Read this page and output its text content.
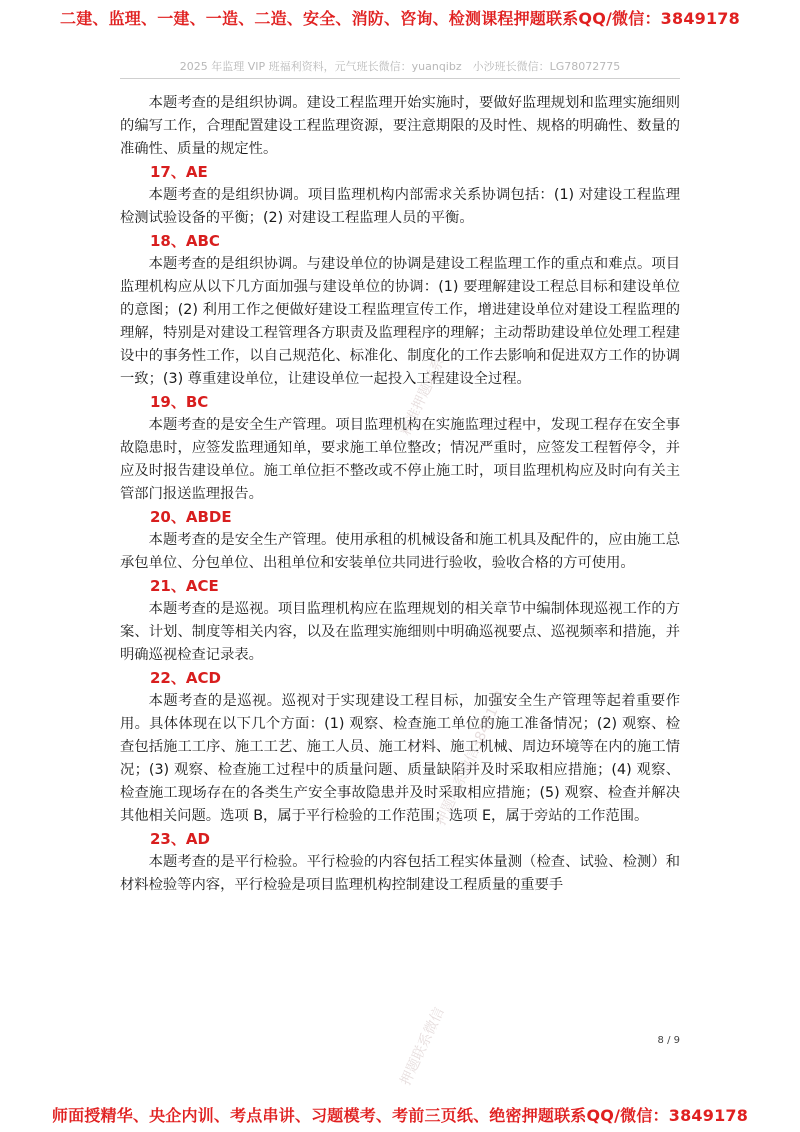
二建、监理、一建、一造、二造、安全、消防、咨询、检测课程押题联系QQ/微信：3849178
2025 年监理 VIP 班福利资料，元气班长微信：yuanqibz　小沙班长微信：LG78072775

本题考查的是组织协调。建设工程监理开始实施时，要做好监理规划和监理实施细则的编写工作，合理配置建设工程监理资源，要注意期限的及时性、规格的明确性、数量的准确性、质量的规定性。

17、AE

本题考查的是组织协调。项目监理机构内部需求关系协调包括：(1) 对建设工程监理检测试验设备的平衡；(2) 对建设工程监理人员的平衡。

18、ABC

本题考查的是组织协调。与建设单位的协调是建设工程监理工作的重点和难点。项目监理机构应从以下几方面加强与建设单位的协调：(1) 要理解建设工程总目标和建设单位的意图；(2) 利用工作之便做好建设工程监理宣传工作，增进建设单位对建设工程监理的理解，特别是对建设工程管理各方职责及监理程序的理解；主动帮助建设单位处理工程建设中的事务性工作，以自己规范化、标准化、制度化的工作去影响和促进双方工作的协调一致；(3) 尊重建设单位，让建设单位一起投入工程建设全过程。

19、BC

本题考查的是安全生产管理。项目监理机构在实施监理过程中，发现工程存在安全事故隐患时，应签发监理通知单，要求施工单位整改；情况严重时，应签发工程暂停令，并应及时报告建设单位。施工单位拒不整改或不停止施工时，项目监理机构应及时向有关主管部门报送监理报告。

20、ABDE

本题考查的是安全生产管理。使用承租的机械设备和施工机具及配件的，应由施工总承包单位、分包单位、出租单位和安装单位共同进行验收，验收合格的方可使用。

21、ACE

本题考查的是巡视。项目监理机构应在监理规划的相关章节中编制体现巡视工作的方案、计划、制度等相关内容，以及在监理实施细则中明确巡视要点、巡视频率和措施，并明确巡视检查记录表。

22、ACD

本题考查的是巡视。巡视对于实现建设工程目标，加强安全生产管理等起着重要作用。具体体现在以下几个方面：(1) 观察、检查施工单位的施工准备情况；(2) 观察、检查包括施工工序、施工工艺、施工人员、施工材料、施工机械、周边环境等在内的施工情况；(3) 观察、检查施工过程中的质量问题、质量缺陷并及时采取相应措施；(4) 观察、检查施工现场存在的各类生产安全事故隐患并及时采取相应措施；(5) 观察、检查并解决其他相关问题。选项 B，属于平行检验的工作范围；选项 E，属于旁站的工作范围。

23、AD

本题考查的是平行检验。平行检验的内容包括工程实体量测（检查、试验、检测）和材料检验等内容，平行检验是项目监理机构控制建设工程质量的重要手

精准押题联系
押题联系微信3849178
押题联系微信	8 / 9
师面授精华、央企内训、考点串讲、习题模考、考前三页纸、绝密押题联系QQ/微信：3849178
